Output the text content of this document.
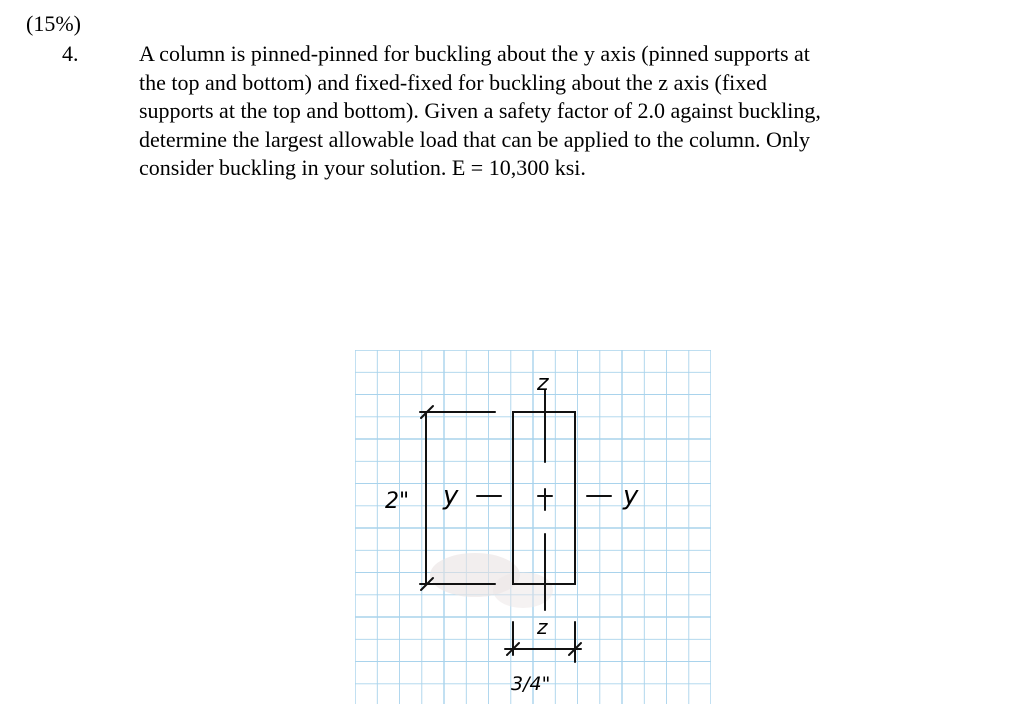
(15%)
4.	A column is pinned-pinned for buckling about the y axis (pinned supports at
the top and bottom) and fixed-fixed for buckling about the z axis (fixed
supports at the top and bottom). Given a safety factor of 2.0 against buckling,
determine the largest allowable load that can be applied to the column. Only
consider buckling in your solution. E = 10,300 ksi.
z
z
y	y
2"
3/4"
